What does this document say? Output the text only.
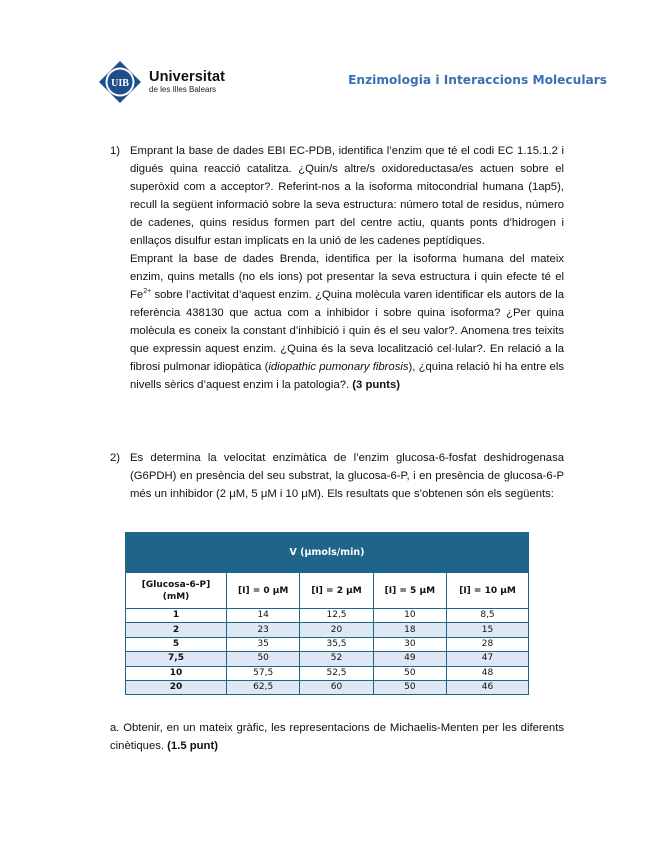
UIB Universitat
de les Illes Balears
Enzimologia i Interaccions Moleculars
1) Emprant la base de dades EBI EC-PDB, identifica l’enzim que té el codi EC 1.15.1.2 i digués quina reacció catalitza. ¿Quin/s altre/s oxidoreductasa/es actuen sobre el superòxid com a acceptor?. Referint-nos a la isoforma mitocondrial humana (1ap5), recull la següent informació sobre la seva estructura: número total de residus, número de cadenes, quins residus formen part del centre actiu, quants ponts d’hidrogen i enllaços disulfur estan implicats en la unió de les cadenes peptídiques.

Emprant la base de dades Brenda, identifica per la isoforma humana del mateix enzim, quins metalls (no els ions) pot presentar la seva estructura i quin efecte té el $Fe^{2+}$ sobre l’activitat d’aquest enzim. ¿Quina molècula varen identificar els autors de la referència 438130 que actua com a inhibidor i sobre quina isoforma? ¿Per quina molècula es coneix la constant d’inhibició i quin és el seu valor?. Anomena tres teixits que expressin aquest enzim. ¿Quina és la seva localització cel·lular?. En relació a la fibrosi pulmonar idiopàtica (idiopathic pumonary fibrosis), ¿quina relació hi ha entre els nivells sèrics d’aquest enzim i la patologia?. (3 punts)

2) Es determina la velocitat enzimàtica de l’enzim glucosa-6-fosfat deshidrogenasa (G6PDH) en presència del seu substrat, la glucosa-6-P, i en presència de glucosa-6-P més un inhibidor (2 μM, 5 μM i 10 μM). Els resultats que s’obtenen són els següents:

V (μmols/min)				
[Glucosa-6-P] (mM)	[I] = 0 μM	[I] = 2 μM	[I] = 5 μM	[I] = 10 μM
1	14	12,5	10	8,5
2	23	20	18	15
5	35	35,5	30	28
7,5	50	52	49	47
10	57,5	52,5	50	48
20	62,5	60	50	46

a. Obtenir, en un mateix gràfic, les representacions de Michaelis-Menten per les diferents cinètiques. (1.5 punt)
